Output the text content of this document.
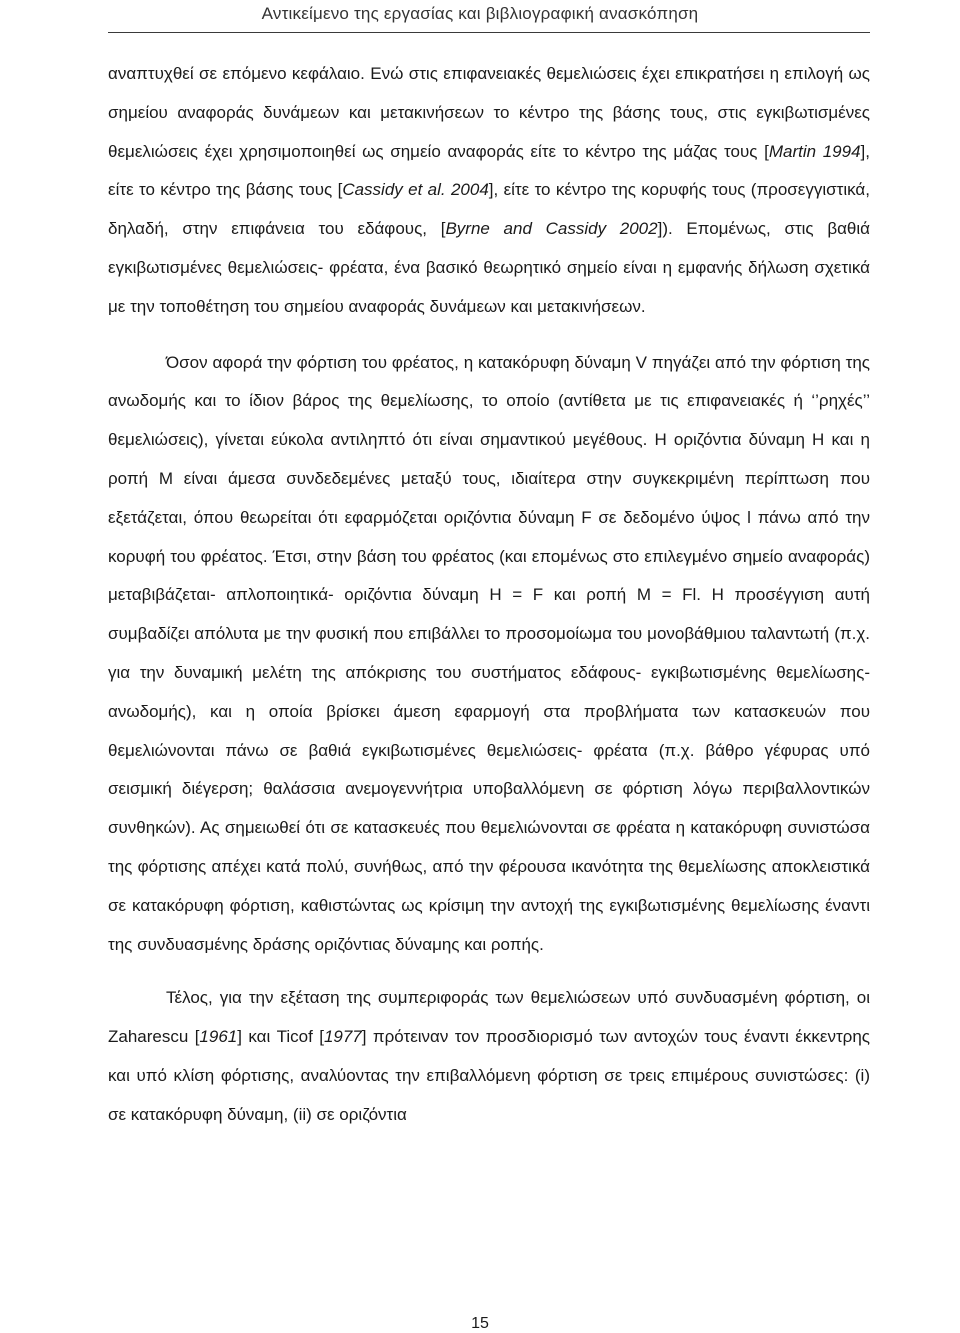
Αντικείμενο της εργασίας και βιβλιογραφική ανασκόπηση

αναπτυχθεί σε επόμενο κεφάλαιο. Ενώ στις επιφανειακές θεμελιώσεις έχει επικρατήσει η επιλογή ως σημείου αναφοράς δυνάμεων και μετακινήσεων το κέντρο της βάσης τους, στις εγκιβωτισμένες θεμελιώσεις έχει χρησιμοποιηθεί ως σημείο αναφοράς είτε το κέντρο της μάζας τους [Martin 1994], είτε το κέντρο της βάσης τους [Cassidy et al. 2004], είτε το κέντρο της κορυφής τους (προσεγγιστικά, δηλαδή, στην επιφάνεια του εδάφους, [Byrne and Cassidy 2002]). Επομένως, στις βαθιά εγκιβωτισμένες θεμελιώσεις- φρέατα, ένα βασικό θεωρητικό σημείο είναι η εμφανής δήλωση σχετικά με την τοποθέτηση του σημείου αναφοράς δυνάμεων και μετακινήσεων.

Όσον αφορά την φόρτιση του φρέατος, η κατακόρυφη δύναμη V πηγάζει από την φόρτιση της ανωδομής και το ίδιον βάρος της θεμελίωσης, το οποίο (αντίθετα με τις επιφανειακές ή ‘’ρηχές’’ θεμελιώσεις), γίνεται εύκολα αντιληπτό ότι είναι σημαντικού μεγέθους. Η οριζόντια δύναμη Η και η ροπή Μ είναι άμεσα συνδεδεμένες μεταξύ τους, ιδιαίτερα στην συγκεκριμένη περίπτωση που εξετάζεται, όπου θεωρείται ότι εφαρμόζεται οριζόντια δύναμη F σε δεδομένο ύψος l πάνω από την κορυφή του φρέατος. Έτσι, στην βάση του φρέατος (και επομένως στο επιλεγμένο σημείο αναφοράς) μεταβιβάζεται- απλοποιητικά- οριζόντια δύναμη H = F και ροπή M = Fl. Η προσέγγιση αυτή συμβαδίζει απόλυτα με την φυσική που επιβάλλει το προσομοίωμα του μονοβάθμιου ταλαντωτή (π.χ. για την δυναμική μελέτη της απόκρισης του συστήματος εδάφους- εγκιβωτισμένης θεμελίωσης- ανωδομής), και η οποία βρίσκει άμεση εφαρμογή στα προβλήματα των κατασκευών που θεμελιώνονται πάνω σε βαθιά εγκιβωτισμένες θεμελιώσεις- φρέατα (π.χ. βάθρο γέφυρας υπό σεισμική διέγερση; θαλάσσια ανεμογεννήτρια υποβαλλόμενη σε φόρτιση λόγω περιβαλλοντικών συνθηκών). Ας σημειωθεί ότι σε κατασκευές που θεμελιώνονται σε φρέατα η κατακόρυφη συνιστώσα της φόρτισης απέχει κατά πολύ, συνήθως, από την φέρουσα ικανότητα της θεμελίωσης αποκλειστικά σε κατακόρυφη φόρτιση, καθιστώντας ως κρίσιμη την αντοχή της εγκιβωτισμένης θεμελίωσης έναντι της συνδυασμένης δράσης οριζόντιας δύναμης και ροπής.

Τέλος, για την εξέταση της συμπεριφοράς των θεμελιώσεων υπό συνδυασμένη φόρτιση, οι Zaharescu [1961] και Ticof [1977] πρότειναν τον προσδιορισμό των αντοχών τους έναντι έκκεντρης και υπό κλίση φόρτισης, αναλύοντας την επιβαλλόμενη φόρτιση σε τρεις επιμέρους συνιστώσες: (i) σε κατακόρυφη δύναμη, (ii) σε οριζόντια

15
